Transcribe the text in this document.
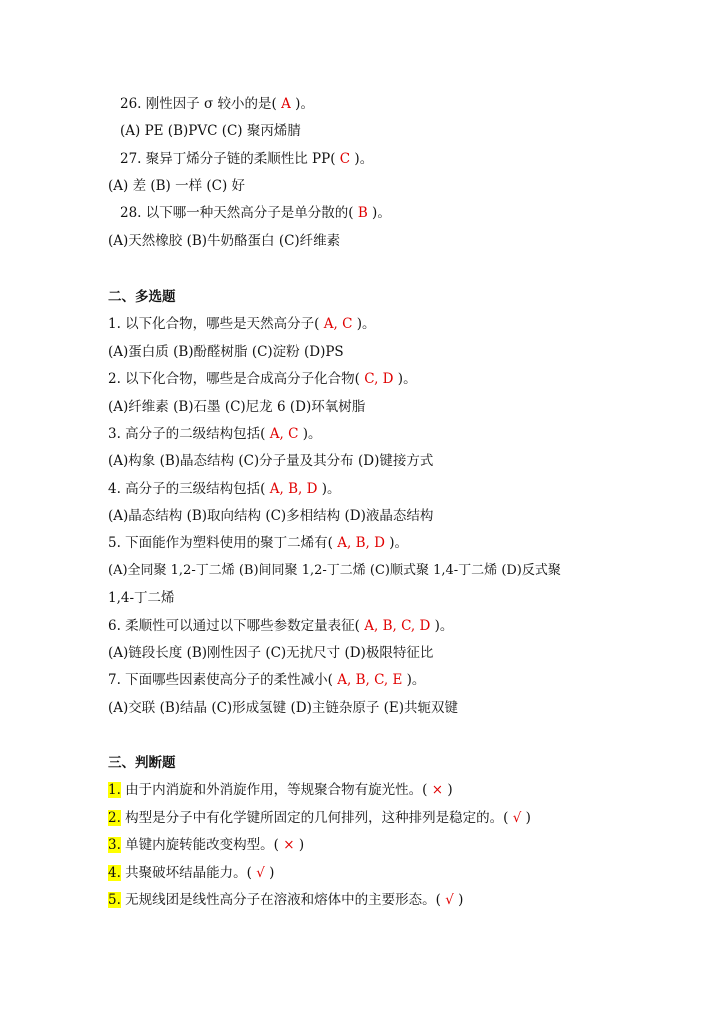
26. 刚性因子 σ 较小的是( A )。
(A) PE (B)PVC (C) 聚丙烯腈
27. 聚异丁烯分子链的柔顺性比 PP( C )。
(A) 差 (B) 一样 (C) 好
28. 以下哪一种天然高分子是单分散的( B )。
(A)天然橡胶 (B)牛奶酪蛋白 (C)纤维素
二、多选题
1. 以下化合物，哪些是天然高分子( A, C )。
(A)蛋白质 (B)酚醛树脂 (C)淀粉 (D)PS
2. 以下化合物，哪些是合成高分子化合物( C, D )。
(A)纤维素 (B)石墨 (C)尼龙 6 (D)环氧树脂
3. 高分子的二级结构包括( A, C )。
(A)构象 (B)晶态结构 (C)分子量及其分布 (D)键接方式
4. 高分子的三级结构包括( A, B, D )。
(A)晶态结构 (B)取向结构 (C)多相结构 (D)液晶态结构
5. 下面能作为塑料使用的聚丁二烯有( A, B, D )。
(A)全同聚 1,2-丁二烯 (B)间同聚 1,2-丁二烯 (C)顺式聚 1,4-丁二烯 (D)反式聚
1,4-丁二烯
6. 柔顺性可以通过以下哪些参数定量表征( A, B, C, D )。
(A)链段长度 (B)刚性因子 (C)无扰尺寸 (D)极限特征比
7. 下面哪些因素使高分子的柔性减小( A, B, C, E )。
(A)交联 (B)结晶 (C)形成氢键 (D)主链杂原子 (E)共轭双键
三、判断题
1. 由于内消旋和外消旋作用，等规聚合物有旋光性。( × )
2. 构型是分子中有化学键所固定的几何排列，这种排列是稳定的。( √ )
3. 单键内旋转能改变构型。( × )
4. 共聚破坏结晶能力。( √ )
5. 无规线团是线性高分子在溶液和熔体中的主要形态。( √ )
